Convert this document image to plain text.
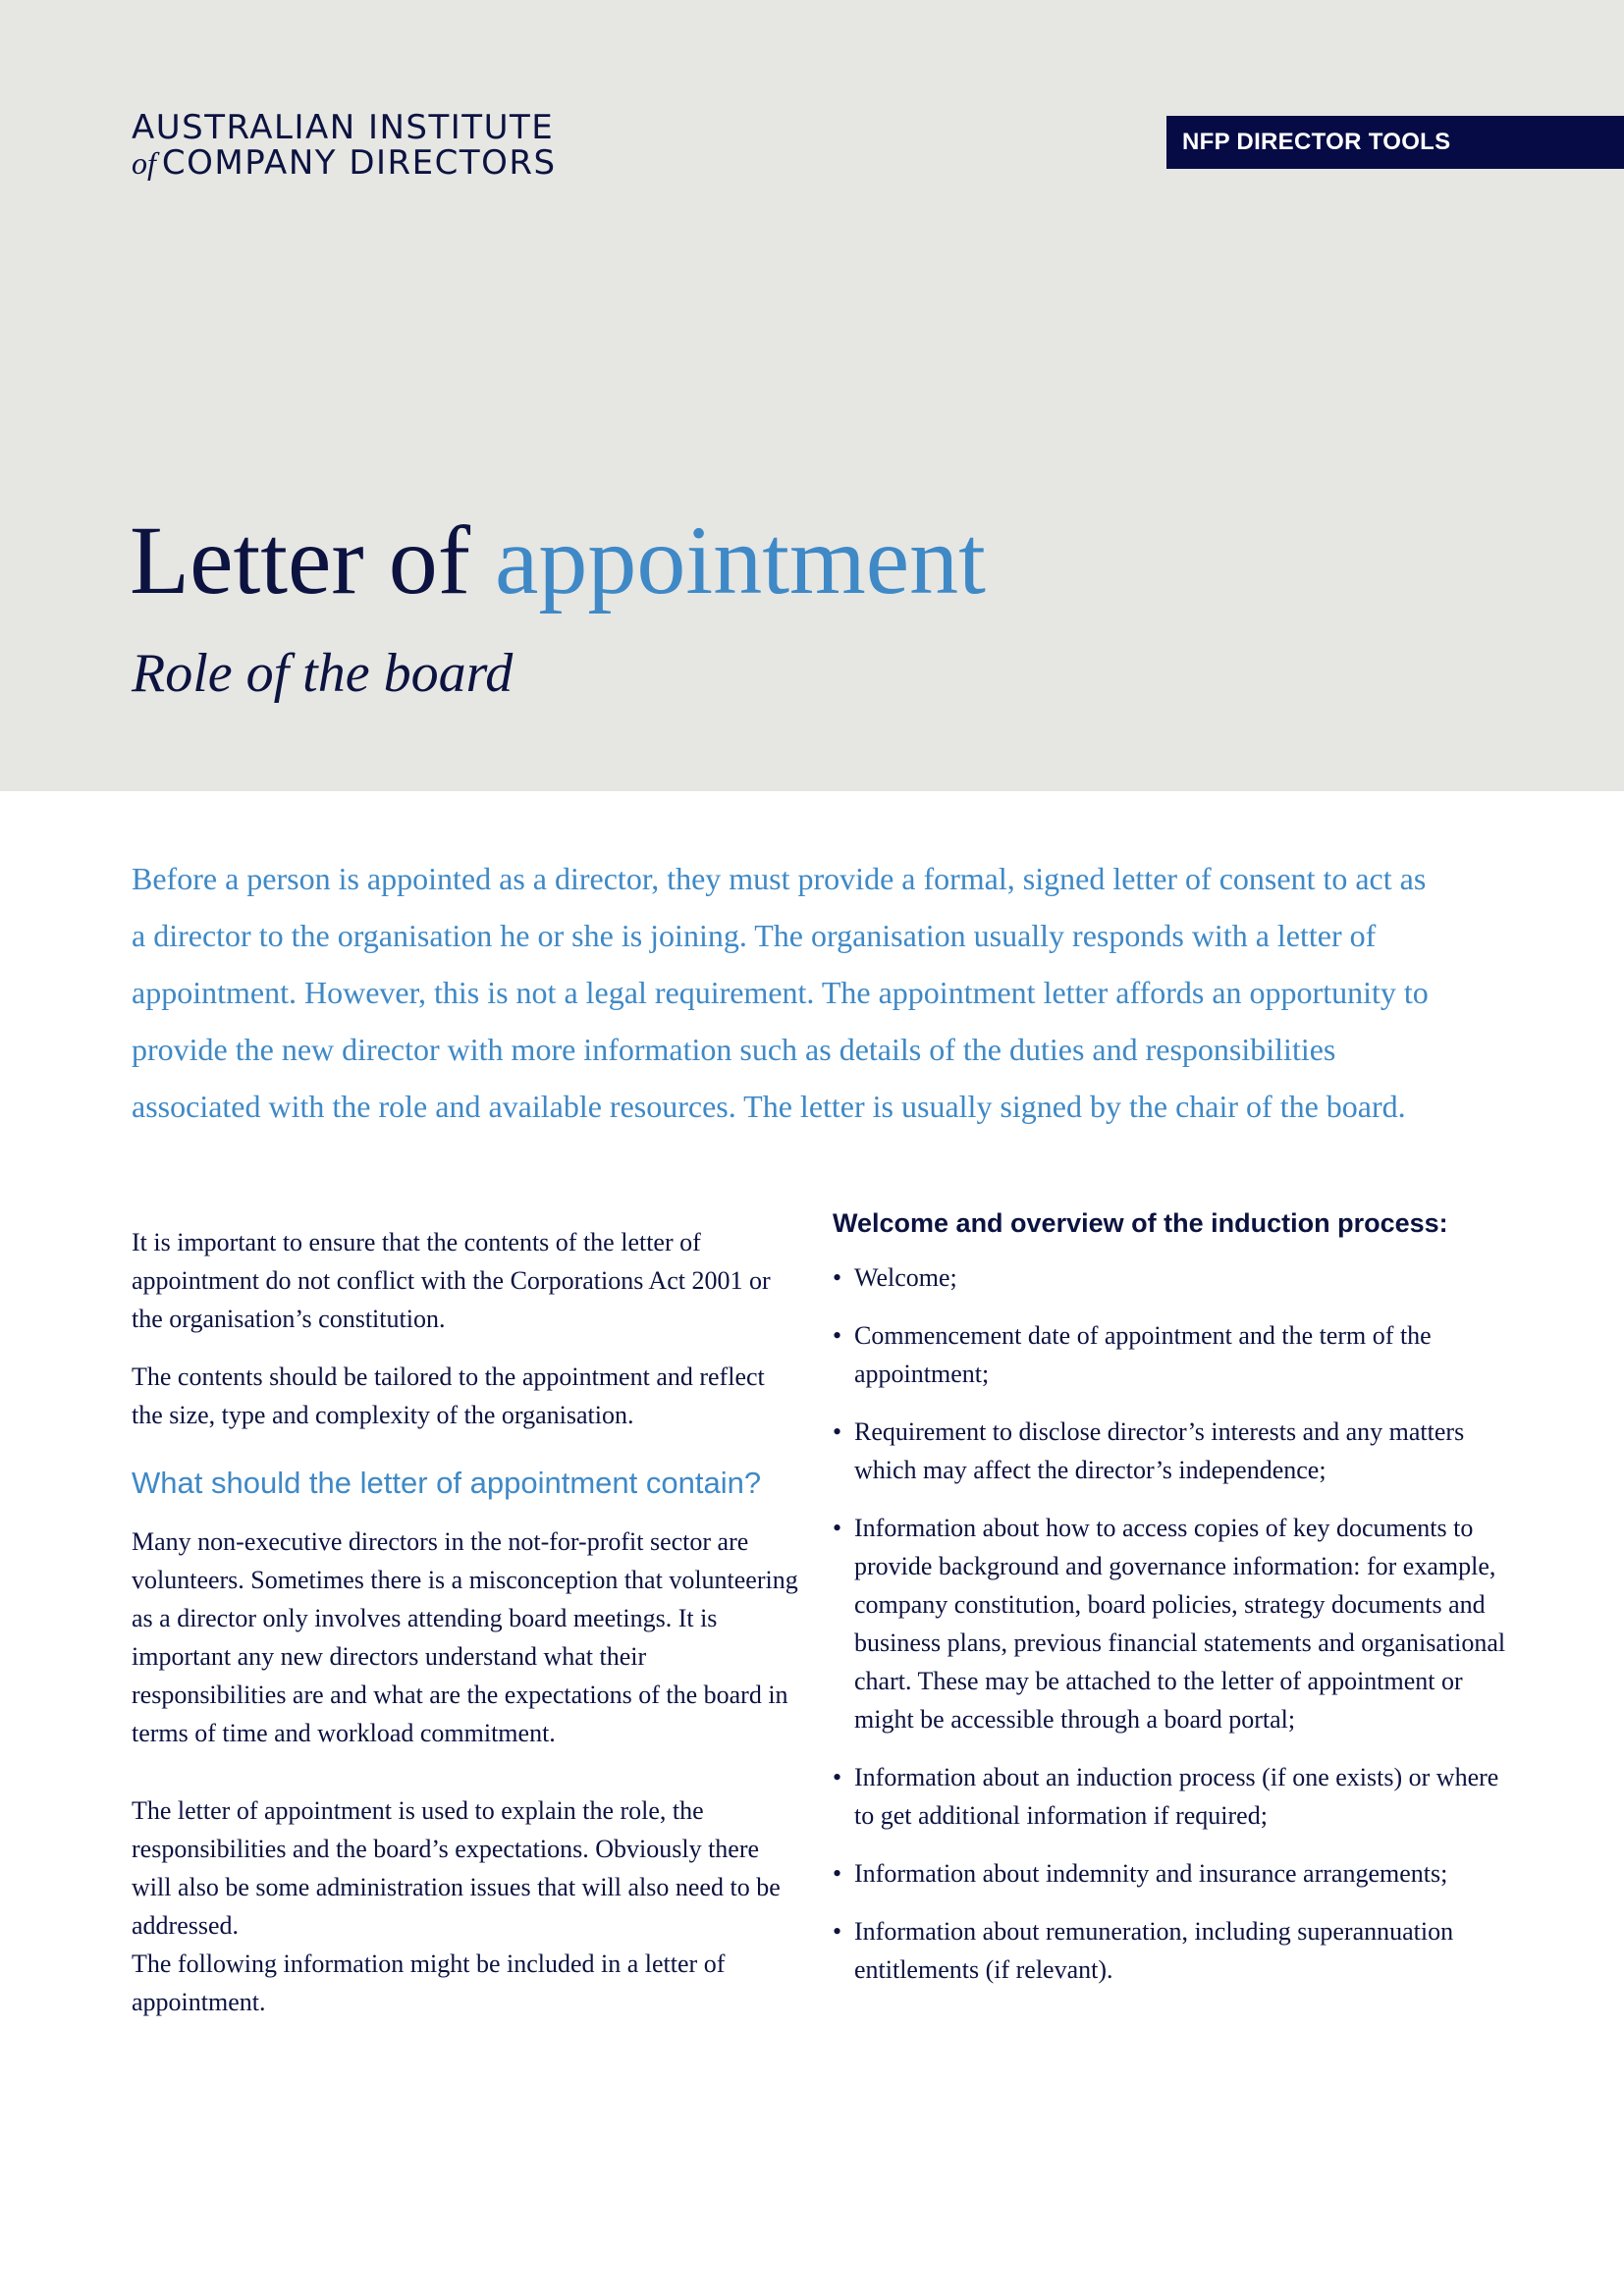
AUSTRALIAN INSTITUTE
of COMPANY DIRECTORS
NFP DIRECTOR TOOLS
Letter of appointment
Role of the board

Before a person is appointed as a director, they must provide a formal, signed letter of consent to act as a director to the organisation he or she is joining. The organisation usually responds with a letter of appointment. However, this is not a legal requirement. The appointment letter affords an opportunity to provide the new director with more information such as details of the duties and responsibilities associated with the role and available resources. The letter is usually signed by the chair of the board.

It is important to ensure that the contents of the letter of appointment do not conflict with the Corporations Act 2001 or the organisation’s constitution.

The contents should be tailored to the appointment and reflect the size, type and complexity of the organisation.

What should the letter of appointment contain?

Many non-executive directors in the not-for-profit sector are volunteers. Sometimes there is a misconception that volunteering as a director only involves attending board meetings. It is important any new directors understand what their responsibilities are and what are the expectations of the board in terms of time and workload commitment.

The letter of appointment is used to explain the role, the responsibilities and the board’s expectations. Obviously there will also be some administration issues that will also need to be addressed.

The following information might be included in a letter of appointment.

Welcome and overview of the induction process:
• Welcome;
• Commencement date of appointment and the term of the appointment;
• Requirement to disclose director’s interests and any matters which may affect the director’s independence;
• Information about how to access copies of key documents to provide background and governance information: for example, company constitution, board policies, strategy documents and business plans, previous financial statements and organisational chart. These may be attached to the letter of appointment or might be accessible through a board portal;
• Information about an induction process (if one exists) or where to get additional information if required;
• Information about indemnity and insurance arrangements;
• Information about remuneration, including superannuation entitlements (if relevant).
